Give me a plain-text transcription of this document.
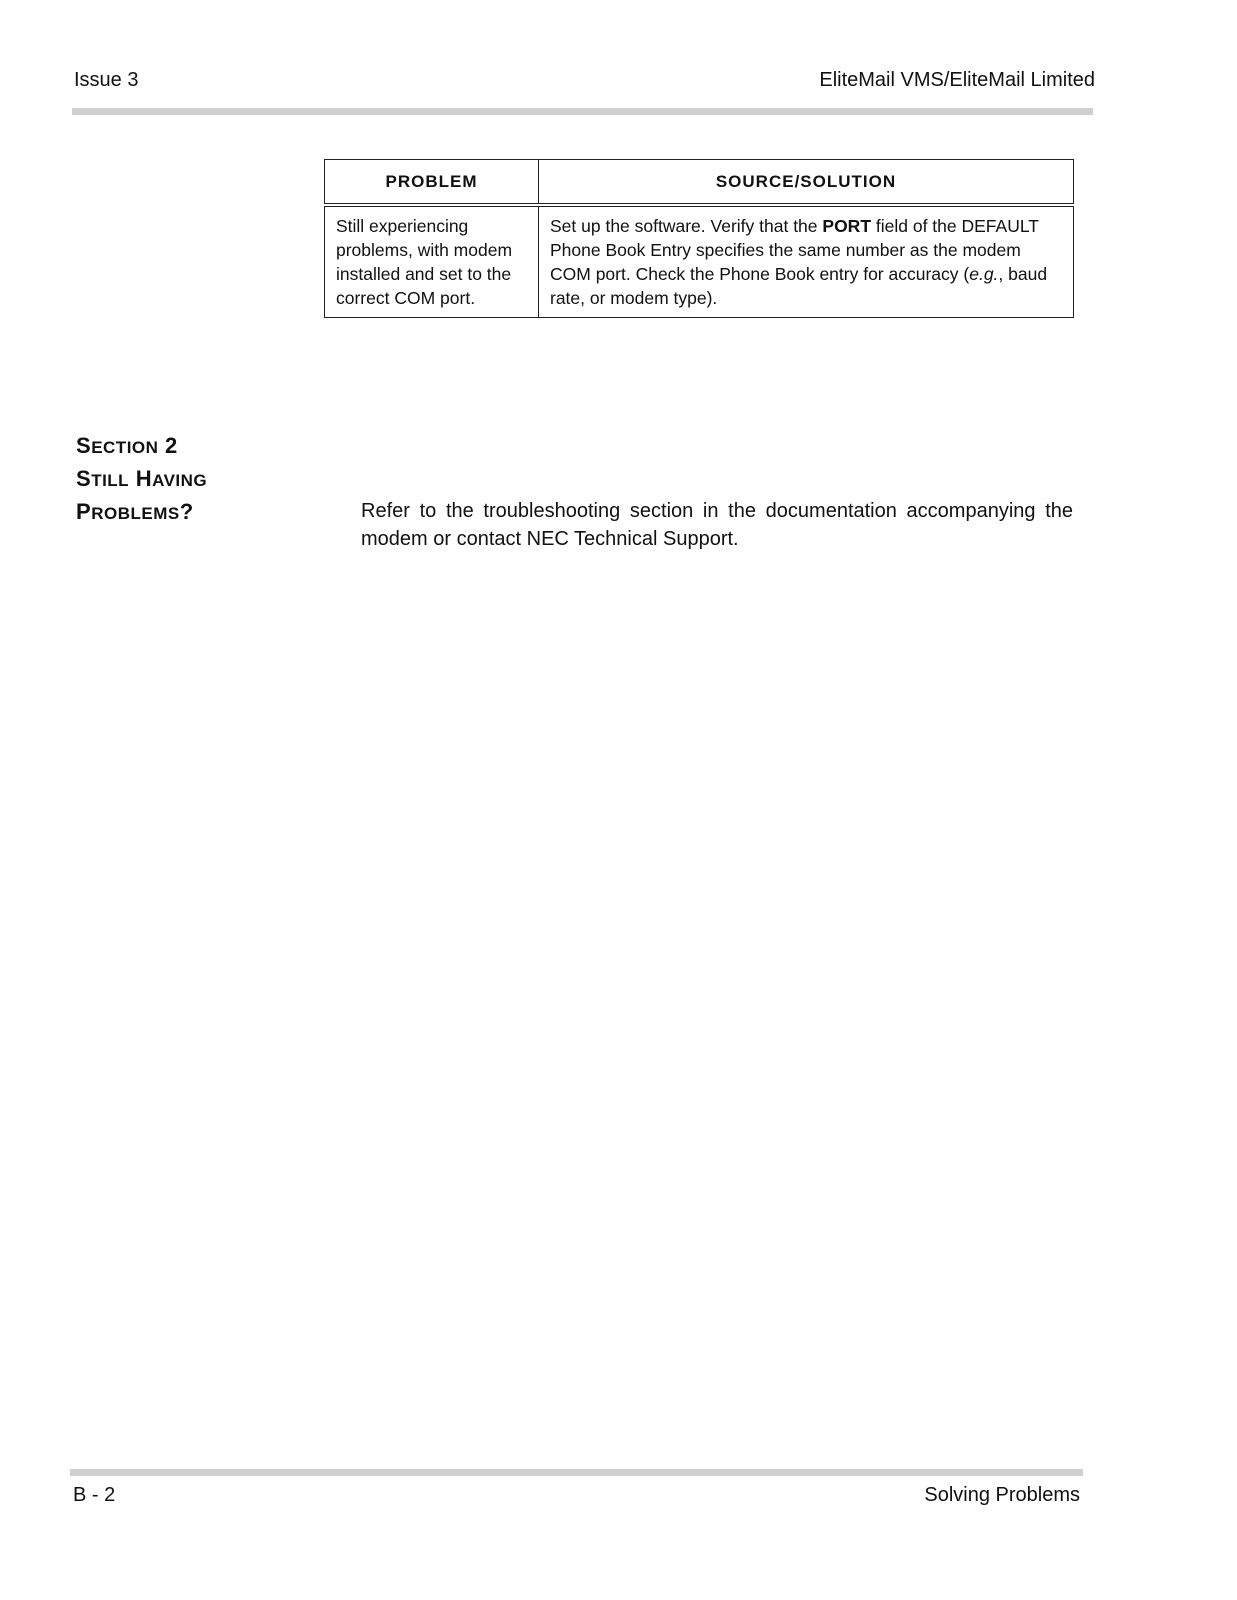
Issue 3	EliteMail VMS/EliteMail Limited
PROBLEM	SOURCE/SOLUTION
Still experiencing problems, with modem installed and set to the correct COM port.	Set up the software. Verify that the PORT field of the DEFAULT Phone Book Entry specifies the same number as the modem COM port. Check the Phone Book entry for accuracy (e.g., baud rate, or modem type).
SECTION 2
STILL HAVING
PROBLEMS?	Refer to the troubleshooting section in the documentation accompanying the modem or contact NEC Technical Support.
B - 2	Solving Problems
